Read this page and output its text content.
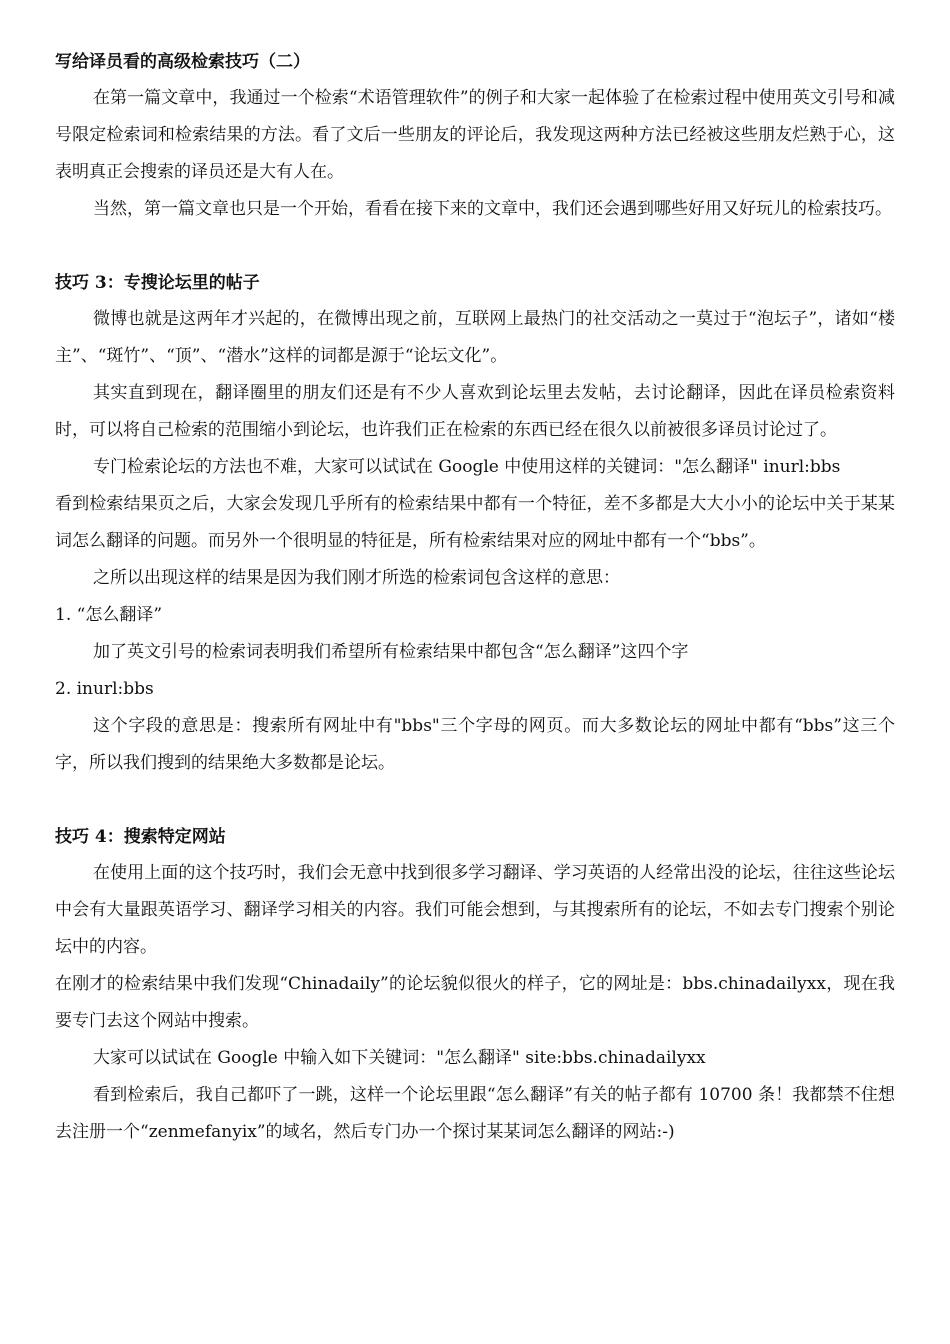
写给译员看的高级检索技巧（二）

在第一篇文章中，我通过一个检索“术语管理软件”的例子和大家一起体验了在检索过程中使用英文引号和减号限定检索词和检索结果的方法。看了文后一些朋友的评论后，我发现这两种方法已经被这些朋友烂熟于心，这表明真正会搜索的译员还是大有人在。

当然，第一篇文章也只是一个开始，看看在接下来的文章中，我们还会遇到哪些好用又好玩儿的检索技巧。

技巧 3：专搜论坛里的帖子

微博也就是这两年才兴起的，在微博出现之前，互联网上最热门的社交活动之一莫过于“泡坛子”，诸如“楼主”、“斑竹”、“顶”、“潜水”这样的词都是源于“论坛文化”。

其实直到现在，翻译圈里的朋友们还是有不少人喜欢到论坛里去发帖，去讨论翻译，因此在译员检索资料时，可以将自己检索的范围缩小到论坛，也许我们正在检索的东西已经在很久以前被很多译员讨论过了。

专门检索论坛的方法也不难，大家可以试试在 Google 中使用这样的关键词："怎么翻译" inurl:bbs

看到检索结果页之后，大家会发现几乎所有的检索结果中都有一个特征，差不多都是大大小小的论坛中关于某某词怎么翻译的问题。而另外一个很明显的特征是，所有检索结果对应的网址中都有一个“bbs”。

之所以出现这样的结果是因为我们刚才所选的检索词包含这样的意思：

1. “怎么翻译”

加了英文引号的检索词表明我们希望所有检索结果中都包含“怎么翻译”这四个字

2. inurl:bbs

这个字段的意思是：搜索所有网址中有"bbs"三个字母的网页。而大多数论坛的网址中都有“bbs”这三个字，所以我们搜到的结果绝大多数都是论坛。

技巧 4：搜索特定网站

在使用上面的这个技巧时，我们会无意中找到很多学习翻译、学习英语的人经常出没的论坛，往往这些论坛中会有大量跟英语学习、翻译学习相关的内容。我们可能会想到，与其搜索所有的论坛，不如去专门搜索个别论坛中的内容。

在刚才的检索结果中我们发现“Chinadaily”的论坛貌似很火的样子，它的网址是：bbs.chinadailyxx，现在我要专门去这个网站中搜索。

大家可以试试在 Google 中输入如下关键词："怎么翻译" site:bbs.chinadailyxx

看到检索后，我自己都吓了一跳，这样一个论坛里跟“怎么翻译”有关的帖子都有 10700 条！我都禁不住想去注册一个“zenmefanyix”的域名，然后专门办一个探讨某某词怎么翻译的网站:-)
